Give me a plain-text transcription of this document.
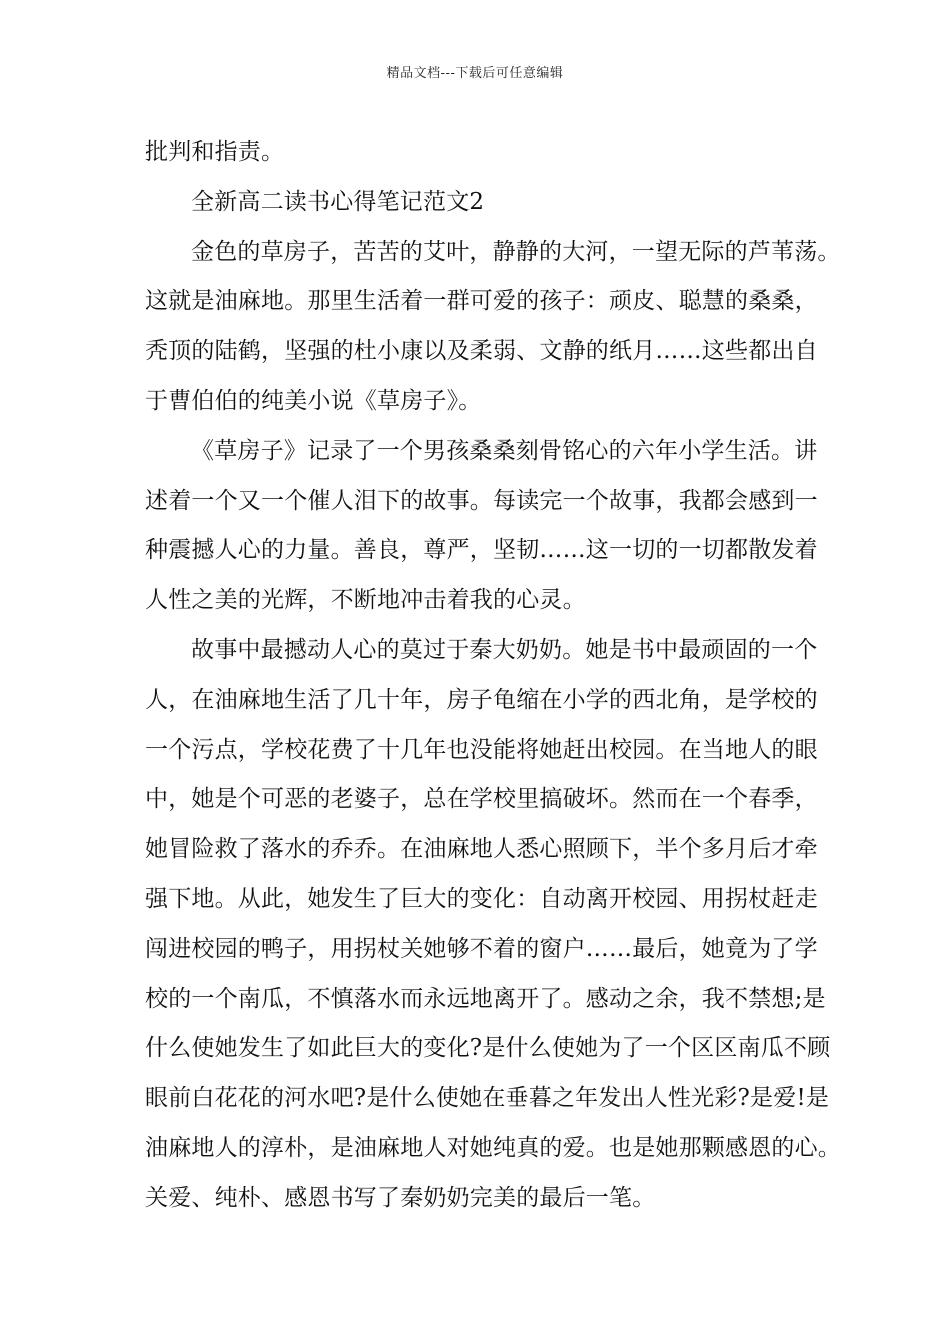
精品文档---下载后可任意编辑
批判和指责。
全新高二读书心得笔记范文2
金色的草房子，苦苦的艾叶，静静的大河，一望无际的芦苇荡。
这就是油麻地。那里生活着一群可爱的孩子：顽皮、聪慧的桑桑，
秃顶的陆鹤，坚强的杜小康以及柔弱、文静的纸月……这些都出自
于曹伯伯的纯美小说《草房子》。
《草房子》记录了一个男孩桑桑刻骨铭心的六年小学生活。讲
述着一个又一个催人泪下的故事。每读完一个故事，我都会感到一
种震撼人心的力量。善良，尊严，坚韧……这一切的一切都散发着
人性之美的光辉，不断地冲击着我的心灵。
故事中最撼动人心的莫过于秦大奶奶。她是书中最顽固的一个
人，在油麻地生活了几十年，房子龟缩在小学的西北角，是学校的
一个污点，学校花费了十几年也没能将她赶出校园。在当地人的眼
中，她是个可恶的老婆子，总在学校里搞破坏。然而在一个春季，
她冒险救了落水的乔乔。在油麻地人悉心照顾下，半个多月后才牵
强下地。从此，她发生了巨大的变化：自动离开校园、用拐杖赶走
闯进校园的鸭子，用拐杖关她够不着的窗户……最后，她竟为了学
校的一个南瓜，不慎落水而永远地离开了。感动之余，我不禁想;是
什么使她发生了如此巨大的变化?是什么使她为了一个区区南瓜不顾
眼前白花花的河水吧?是什么使她在垂暮之年发出人性光彩?是爱!是
油麻地人的淳朴，是油麻地人对她纯真的爱。也是她那颗感恩的心。
关爱、纯朴、感恩书写了秦奶奶完美的最后一笔。
